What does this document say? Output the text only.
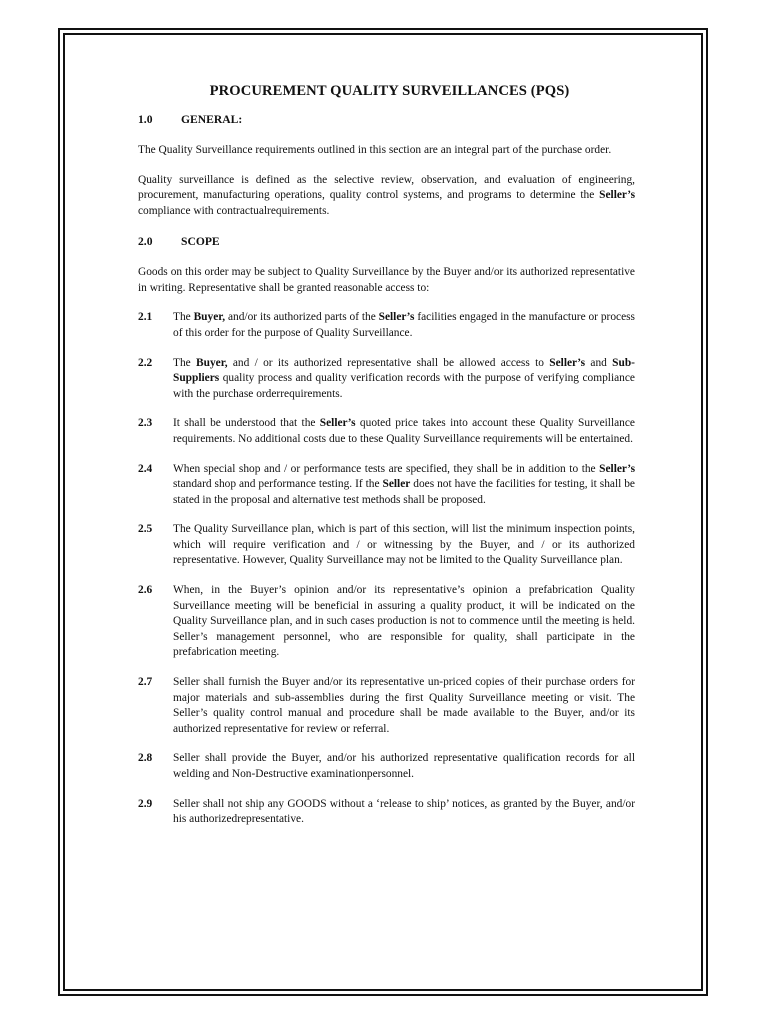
PROCUREMENT QUALITY SURVEILLANCES (PQS)
1.0	GENERAL:

The Quality Surveillance requirements outlined in this section are an integral part of the purchase order.

Quality surveillance is defined as the selective review, observation, and evaluation of engineering, procurement, manufacturing operations, quality control systems, and programs to determine the Seller’s compliance with contractualrequirements.

2.0	SCOPE

Goods on this order may be subject to Quality Surveillance by the Buyer and/or its authorized representative in writing. Representative shall be granted reasonable access to:

2.1	The Buyer, and/or its authorized parts of the Seller’s facilities engaged in the manufacture or process of this order for the purpose of Quality Surveillance.
2.2	The Buyer, and / or its authorized representative shall be allowed access to Seller’s and Sub-Suppliers quality process and quality verification records with the purpose of verifying compliance with the purchase orderrequirements.
2.3	It shall be understood that the Seller’s quoted price takes into account these Quality Surveillance requirements. No additional costs due to these Quality Surveillance requirements will be entertained.
2.4	When special shop and / or performance tests are specified, they shall be in addition to the Seller’s standard shop and performance testing. If the Seller does not have the facilities for testing, it shall be stated in the proposal and alternative test methods shall be proposed.
2.5	The Quality Surveillance plan, which is part of this section, will list the minimum inspection points, which will require verification and / or witnessing by the Buyer, and / or its authorized representative. However, Quality Surveillance may not be limited to the Quality Surveillance plan.
2.6	When, in the Buyer’s opinion and/or its representative’s opinion a prefabrication Quality Surveillance meeting will be beneficial in assuring a quality product, it will be indicated on the Quality Surveillance plan, and in such cases production is not to commence until the meeting is held. Seller’s management personnel, who are responsible for quality, shall participate in the prefabrication meeting.
2.7	Seller shall furnish the Buyer and/or its representative un-priced copies of their purchase orders for major materials and sub-assemblies during the first Quality Surveillance meeting or visit. The Seller’s quality control manual and procedure shall be made available to the Buyer, and/or its authorized representative for review or referral.
2.8	Seller shall provide the Buyer, and/or his authorized representative qualification records for all welding and Non-Destructive examinationpersonnel.
2.9	Seller shall not ship any GOODS without a ‘release to ship’ notices, as granted by the Buyer, and/or his authorizedrepresentative.
